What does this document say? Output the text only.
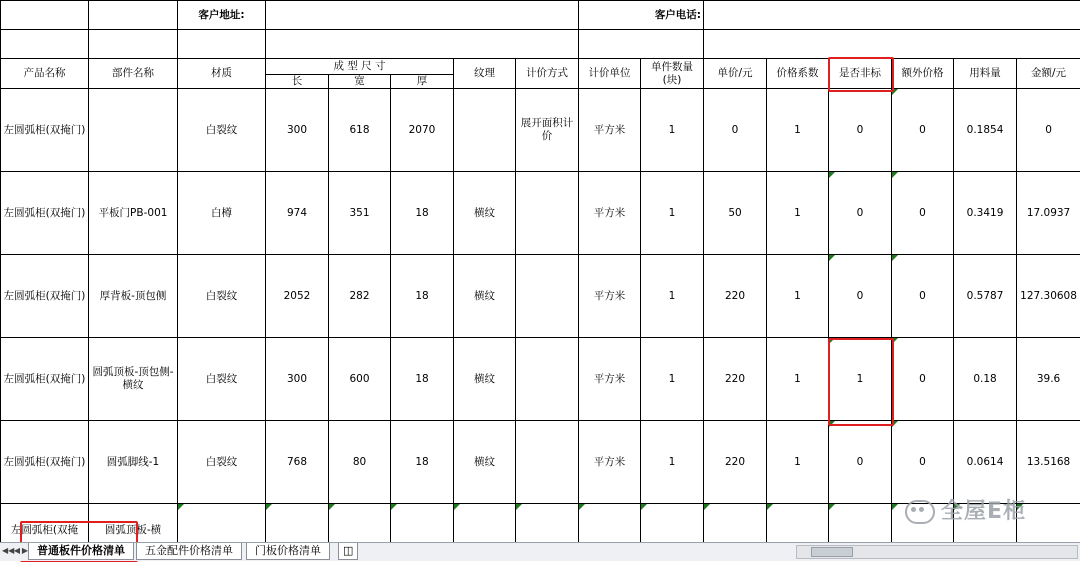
		客户地址:						客户电话:							

产品名称	部件名称	材质	成 型 尺 寸			纹理	计价方式	计价单位	单件数量(块)	单价/元	价格系数	是否非标	额外价格	用料量	金额/元
			长	宽	厚										
左圆弧柜(双掩门)		白裂纹	300	618	2070		展开面积计价	平方米	1	0	1	0	0	0.1854	0
左圆弧柜(双掩门)	平板门PB-001	白樽	974	351	18	横纹		平方米	1	50	1	0	0	0.3419	17.0937
左圆弧柜(双掩门)	厚背板-顶包侧	白裂纹	2052	282	18	横纹		平方米	1	220	1	0	0	0.5787	127.30608
左圆弧柜(双掩门)	圆弧顶板-顶包侧-横纹	白裂纹	300	600	18	横纹		平方米	1	220	1	1	0	0.18	39.6
左圆弧柜(双掩门)	圆弧脚线-1	白裂纹	768	80	18	横纹		平方米	1	220	1	0	0	0.0614	13.5168
左圆弧柜(双掩	圆弧顶板-横														
全屋E柜
◀◀ ◀ ▶ 普通板件价格清单	五金配件价格清单	门板价格清单	◫
